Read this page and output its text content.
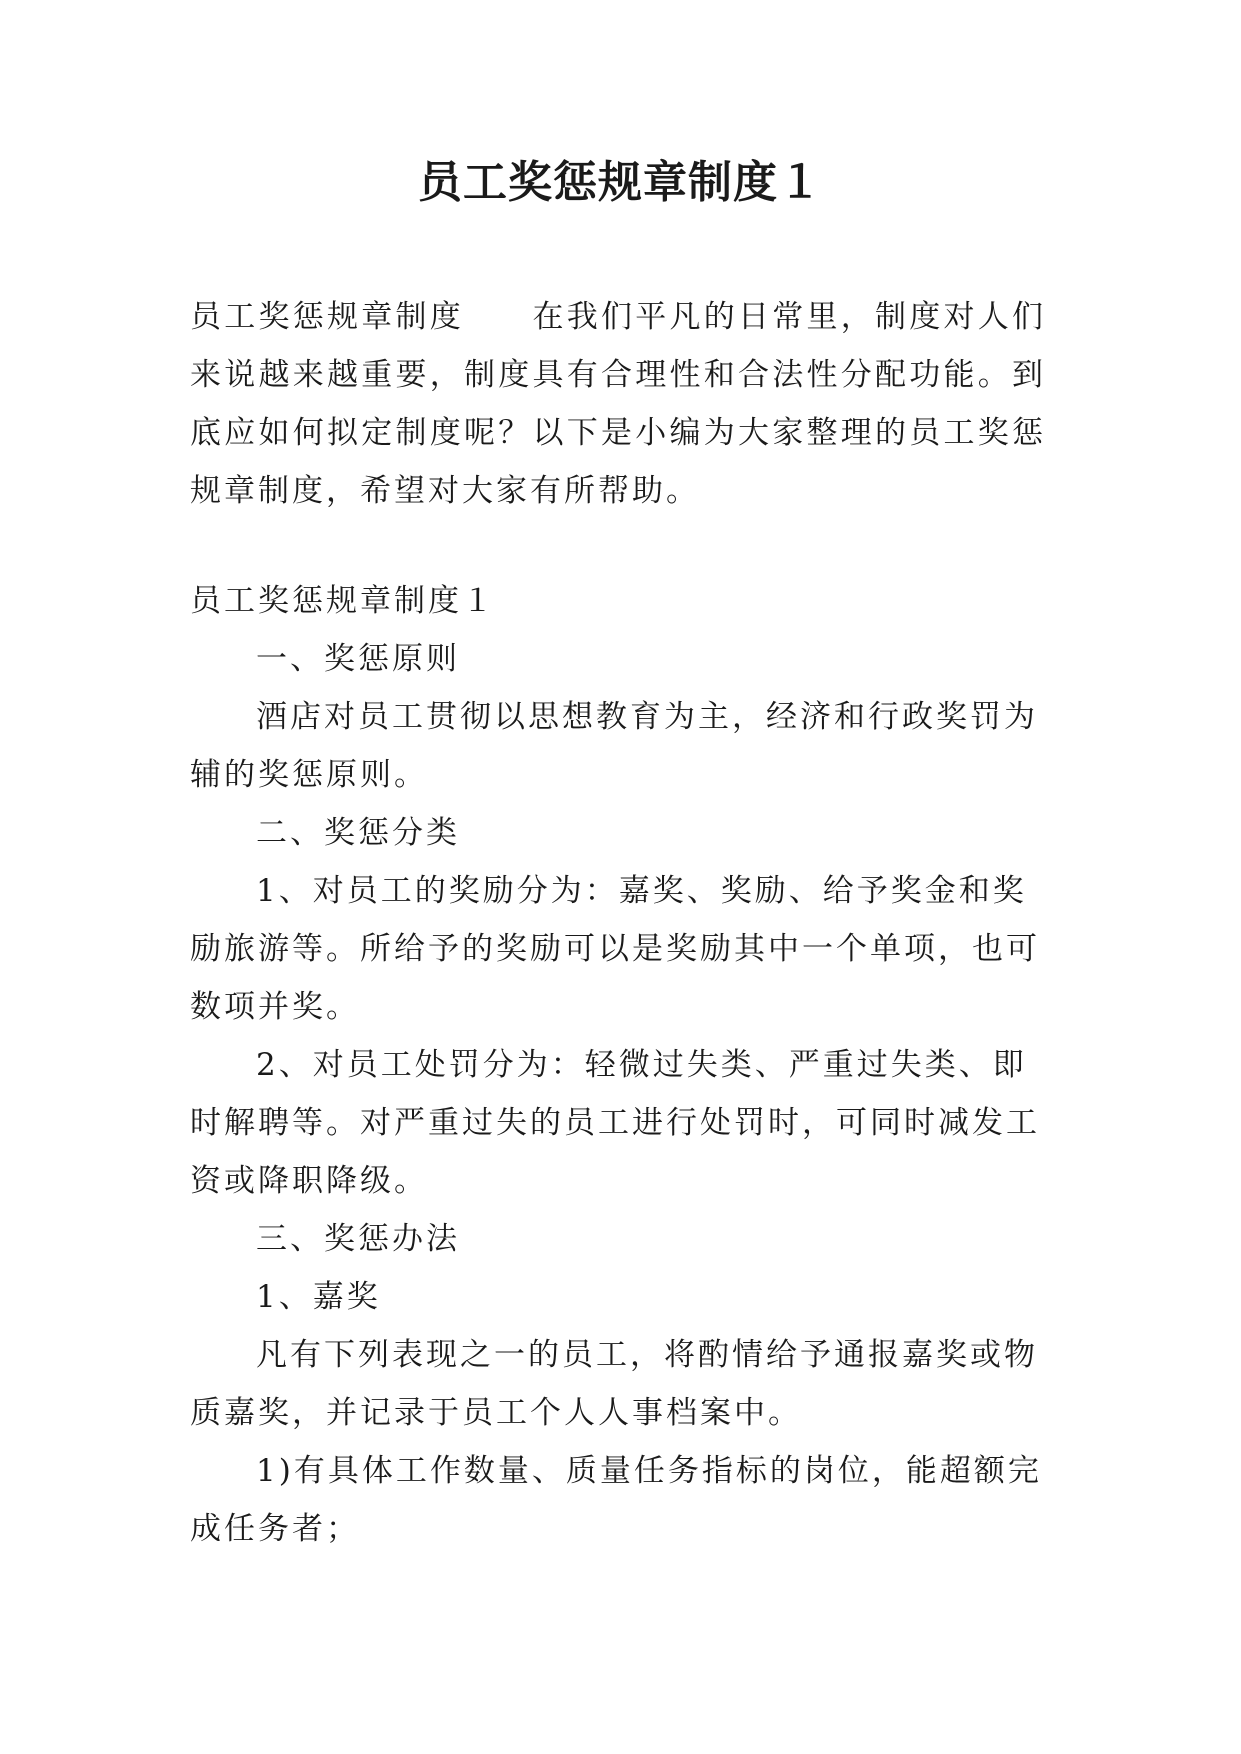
员工奖惩规章制度１

员工奖惩规章制度　　在我们平凡的日常里，制度对人们来说越来越重要，制度具有合理性和合法性分配功能。到底应如何拟定制度呢？以下是小编为大家整理的员工奖惩规章制度，希望对大家有所帮助。

员工奖惩规章制度１

一、奖惩原则

酒店对员工贯彻以思想教育为主，经济和行政奖罚为辅的奖惩原则。

二、奖惩分类

1、对员工的奖励分为：嘉奖、奖励、给予奖金和奖励旅游等。所给予的奖励可以是奖励其中一个单项，也可数项并奖。

2、对员工处罚分为：轻微过失类、严重过失类、即时解聘等。对严重过失的员工进行处罚时，可同时减发工资或降职降级。

三、奖惩办法

1、嘉奖

凡有下列表现之一的员工，将酌情给予通报嘉奖或物质嘉奖，并记录于员工个人人事档案中。

1)有具体工作数量、质量任务指标的岗位，能超额完成任务者；
